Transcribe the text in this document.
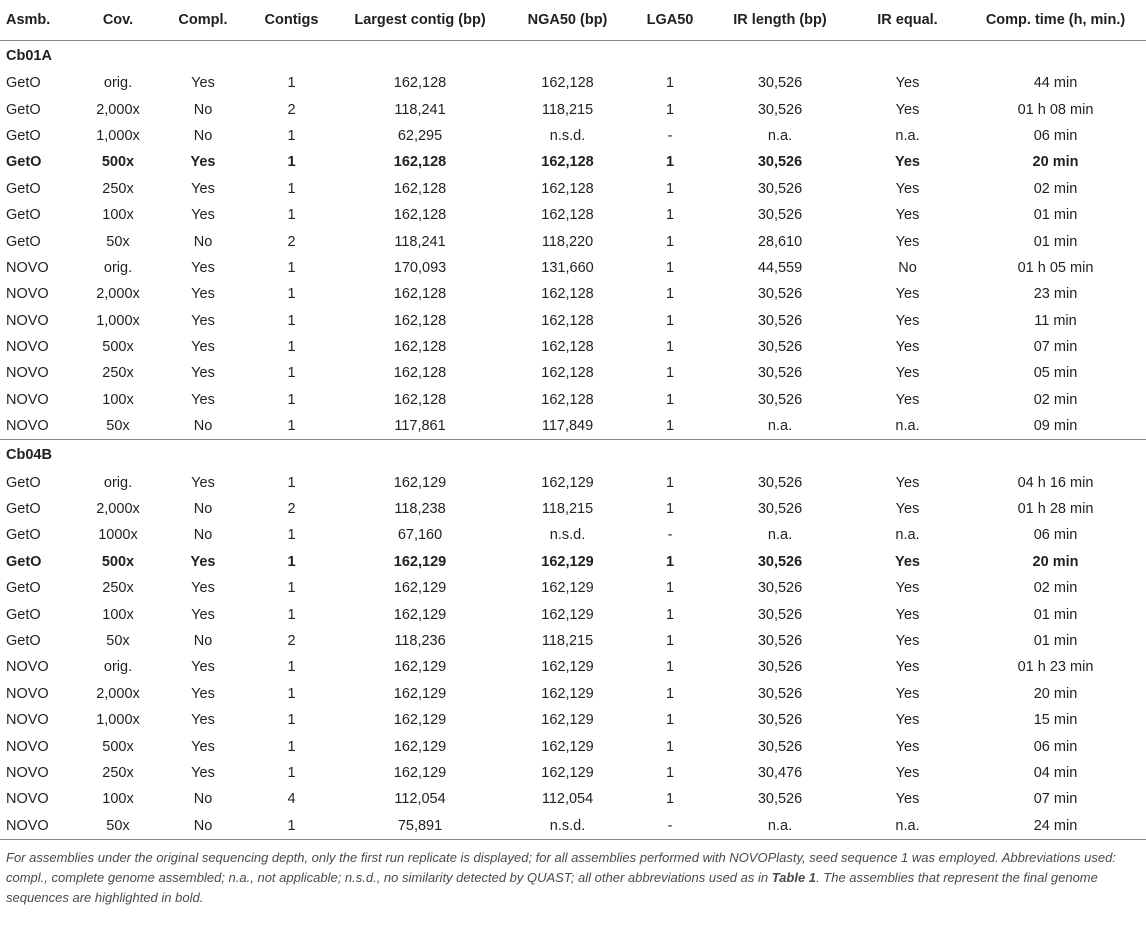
Asmb.	Cov.	Compl.	Contigs	Largest contig (bp)	NGA50 (bp)	LGA50	IR length (bp)	IR equal.	Comp. time (h, min.)
Cb01A									
GetO	orig.	Yes	1	162,128	162,128	1	30,526	Yes	44 min
GetO	2,000x	No	2	118,241	118,215	1	30,526	Yes	01 h 08 min
GetO	1,000x	No	1	62,295	n.s.d.	-	n.a.	n.a.	06 min
GetO	500x	Yes	1	162,128	162,128	1	30,526	Yes	20 min
GetO	250x	Yes	1	162,128	162,128	1	30,526	Yes	02 min
GetO	100x	Yes	1	162,128	162,128	1	30,526	Yes	01 min
GetO	50x	No	2	118,241	118,220	1	28,610	Yes	01 min
NOVO	orig.	Yes	1	170,093	131,660	1	44,559	No	01 h 05 min
NOVO	2,000x	Yes	1	162,128	162,128	1	30,526	Yes	23 min
NOVO	1,000x	Yes	1	162,128	162,128	1	30,526	Yes	11 min
NOVO	500x	Yes	1	162,128	162,128	1	30,526	Yes	07 min
NOVO	250x	Yes	1	162,128	162,128	1	30,526	Yes	05 min
NOVO	100x	Yes	1	162,128	162,128	1	30,526	Yes	02 min
NOVO	50x	No	1	117,861	117,849	1	n.a.	n.a.	09 min
Cb04B									
GetO	orig.	Yes	1	162,129	162,129	1	30,526	Yes	04 h 16 min
GetO	2,000x	No	2	118,238	118,215	1	30,526	Yes	01 h 28 min
GetO	1000x	No	1	67,160	n.s.d.	-	n.a.	n.a.	06 min
GetO	500x	Yes	1	162,129	162,129	1	30,526	Yes	20 min
GetO	250x	Yes	1	162,129	162,129	1	30,526	Yes	02 min
GetO	100x	Yes	1	162,129	162,129	1	30,526	Yes	01 min
GetO	50x	No	2	118,236	118,215	1	30,526	Yes	01 min
NOVO	orig.	Yes	1	162,129	162,129	1	30,526	Yes	01 h 23 min
NOVO	2,000x	Yes	1	162,129	162,129	1	30,526	Yes	20 min
NOVO	1,000x	Yes	1	162,129	162,129	1	30,526	Yes	15 min
NOVO	500x	Yes	1	162,129	162,129	1	30,526	Yes	06 min
NOVO	250x	Yes	1	162,129	162,129	1	30,476	Yes	04 min
NOVO	100x	No	4	112,054	112,054	1	30,526	Yes	07 min
NOVO	50x	No	1	75,891	n.s.d.	-	n.a.	n.a.	24 min
For assemblies under the original sequencing depth, only the first run replicate is displayed; for all assemblies performed with NOVOPlasty, seed sequence 1 was employed. Abbreviations used: compl., complete genome assembled; n.a., not applicable; n.s.d., no similarity detected by QUAST; all other abbreviations used as in Table 1. The assemblies that represent the final genome sequences are highlighted in bold.
